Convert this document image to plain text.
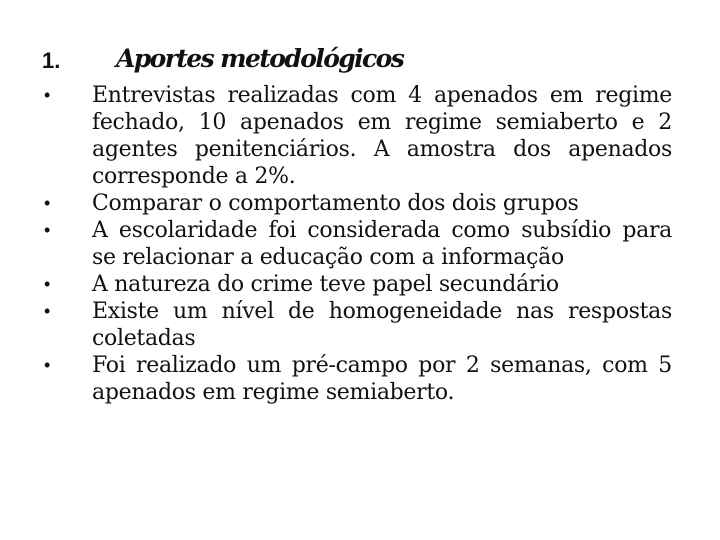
1. Aportes metodológicos
• Entrevistas realizadas com 4 apenados em regime fechado, 10 apenados em regime semiaberto e 2 agentes penitenciários. A amostra dos apenados corresponde a 2%.
• Comparar o comportamento dos dois grupos
• A escolaridade foi considerada como subsídio para se relacionar a educação com a informação
• A natureza do crime teve papel secundário
• Existe um nível de homogeneidade nas respostas coletadas
• Foi realizado um pré-campo por 2 semanas, com 5 apenados em regime semiaberto.
